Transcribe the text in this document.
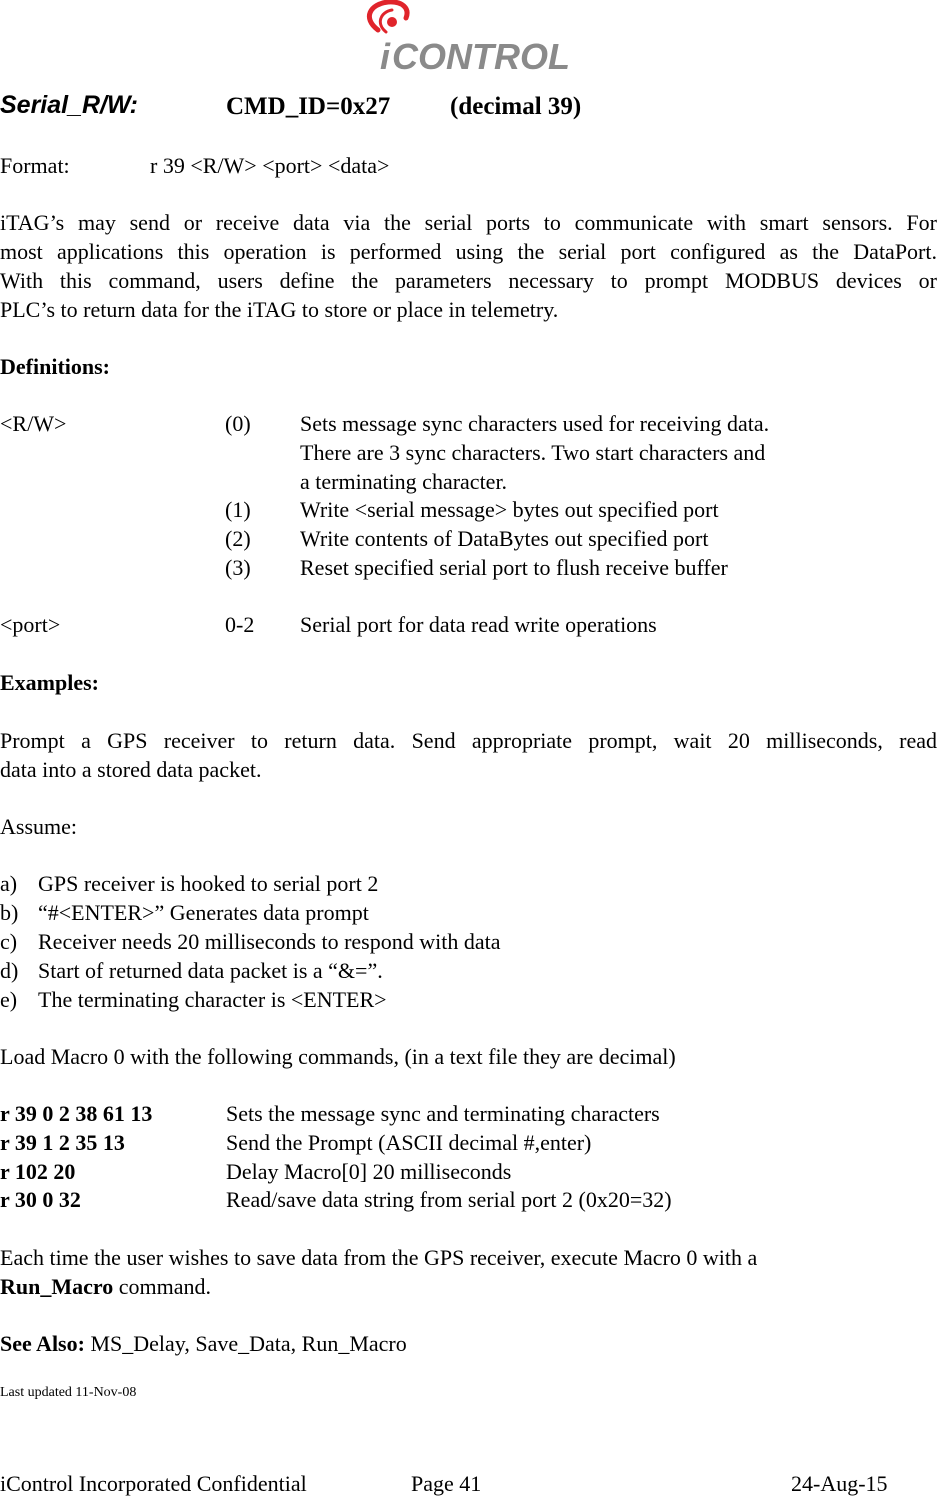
i CONTROL
Serial_R/W:	CMD_ID=0x27 (decimal 39)
Format:	r 39 <R/W> <port> <data>
iTAG’s may send or receive data via the serial ports to communicate with smart sensors. For
most applications this operation is performed using the serial port configured as the DataPort.
With this command, users define the parameters necessary to prompt MODBUS devices or
PLC’s to return data for the iTAG to store or place in telemetry.
Definitions:
<R/W>	(0) Sets message sync characters used for receiving data.
There are 3 sync characters. Two start characters and
a terminating character.
(1) Write <serial message> bytes out specified port
(2) Write contents of DataBytes out specified port
(3) Reset specified serial port to flush receive buffer
<port>	0-2 Serial port for data read write operations
Examples:
Prompt a GPS receiver to return data. Send appropriate prompt, wait 20 milliseconds, read
data into a stored data packet.
Assume:
a) GPS receiver is hooked to serial port 2
b) “#<ENTER>” Generates data prompt
c) Receiver needs 20 milliseconds to respond with data
d) Start of returned data packet is a “&=”.
e) The terminating character is <ENTER>
Load Macro 0 with the following commands, (in a text file they are decimal)
r 39 0 2 38 61 13	Sets the message sync and terminating characters
r 39 1 2 35 13	Send the Prompt (ASCII decimal #,enter)
r 102 20	Delay Macro[0] 20 milliseconds
r 30 0 32	Read/save data string from serial port 2 (0x20=32)
Each time the user wishes to save data from the GPS receiver, execute Macro 0 with a
Run_Macro command.
See Also: MS_Delay, Save_Data, Run_Macro
Last updated 11-Nov-08
iControl Incorporated Confidential	Page 41	24-Aug-15
